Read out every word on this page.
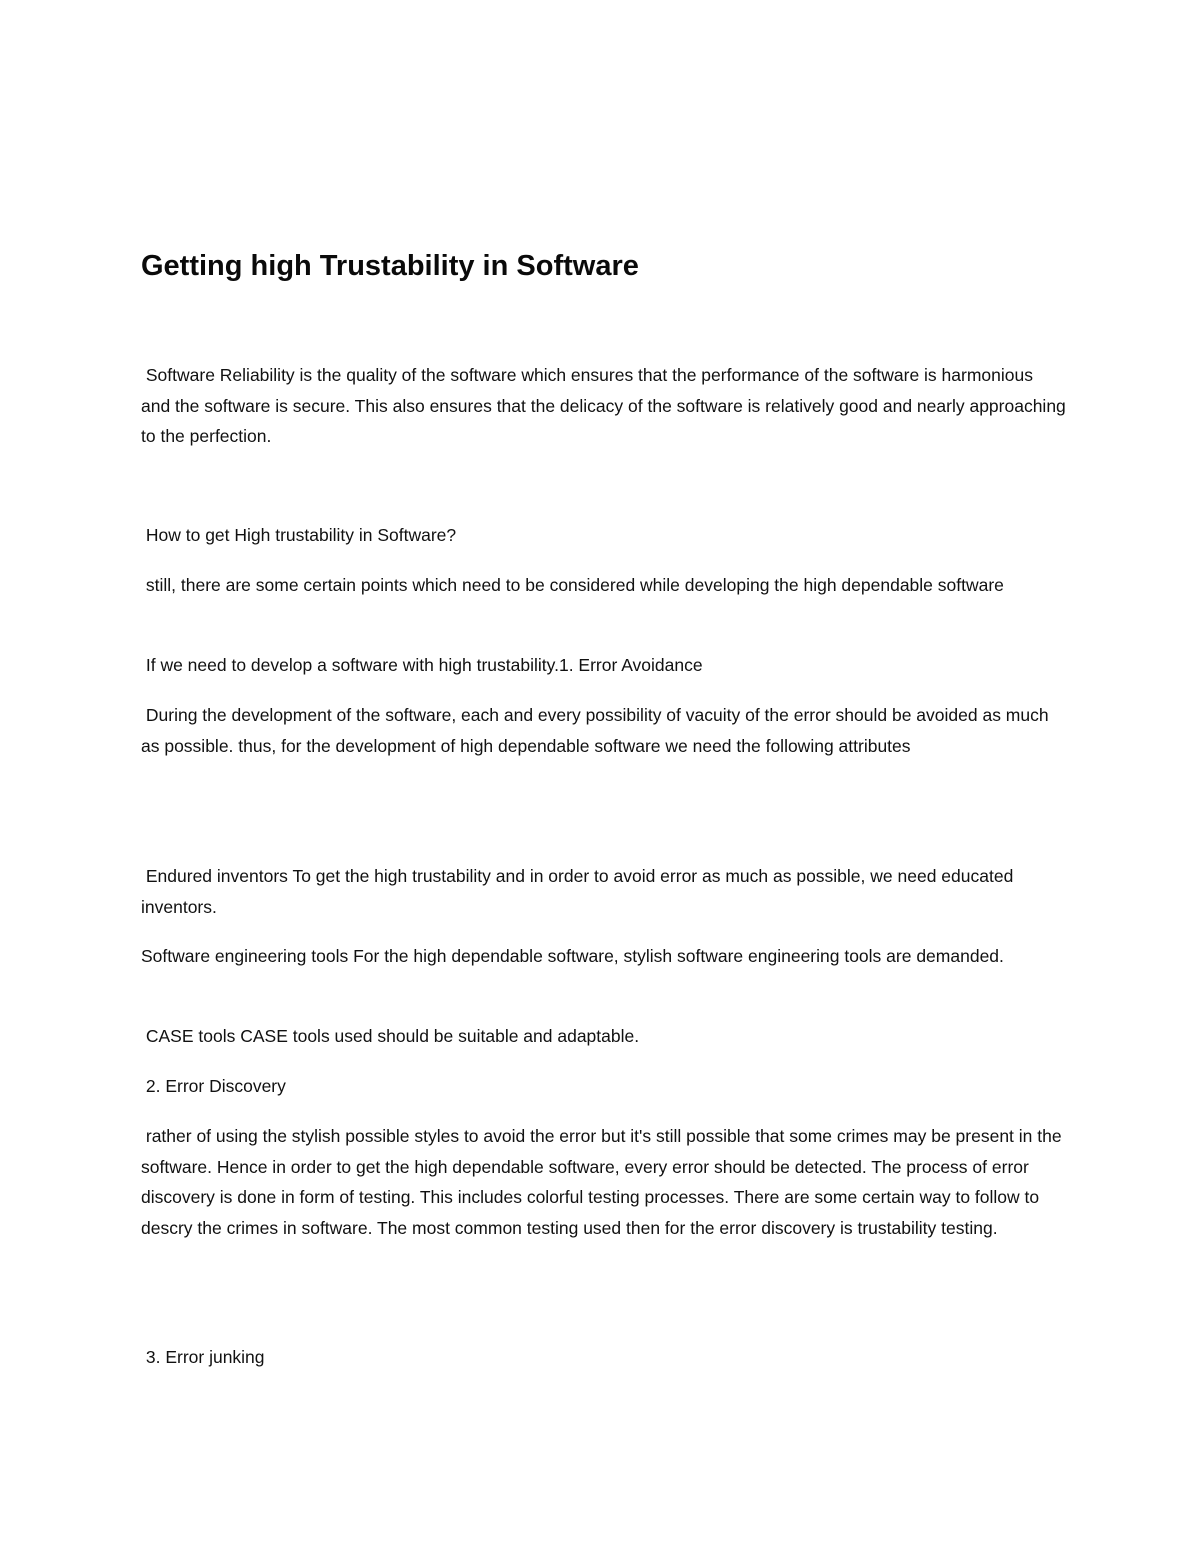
Getting high Trustability in Software

Software Reliability is the quality of the software which ensures that the performance of the software is harmonious and the software is secure. This also ensures that the delicacy of the software is relatively good and nearly approaching to the perfection.

How to get High trustability in Software?

still, there are some certain points which need to be considered while developing the high dependable software

If we need to develop a software with high trustability.1. Error Avoidance

During the development of the software, each and every possibility of vacuity of the error should be avoided as much as possible. thus, for the development of high dependable software we need the following attributes

Endured inventors To get the high trustability and in order to avoid error as much as possible, we need educated inventors.

Software engineering tools For the high dependable software, stylish software engineering tools are demanded.

CASE tools CASE tools used should be suitable and adaptable.

2. Error Discovery

rather of using the stylish possible styles to avoid the error but it's still possible that some crimes may be present in the software. Hence in order to get the high dependable software, every error should be detected. The process of error discovery is done in form of testing. This includes colorful testing processes. There are some certain way to follow to descry the crimes in software. The most common testing used then for the error discovery is trustability testing.

3. Error junking
